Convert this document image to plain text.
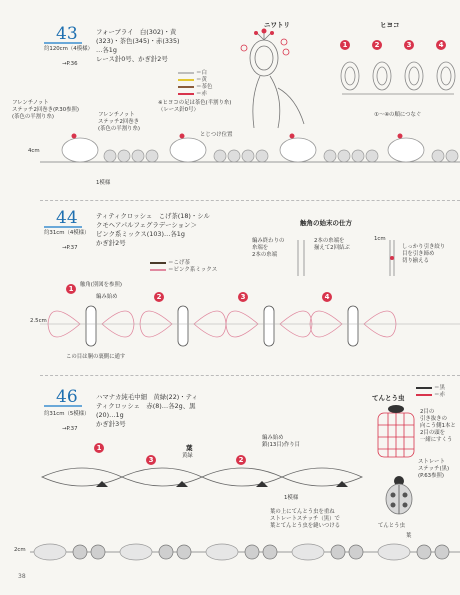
43	フォーブライ　白(302)・黄
(323)・茶色(345)・赤(335)
…各1g
レース針0号、かぎ針2号
約120cm（4模様）

→P.36

＝白
＝黄
＝茶色
＝赤
※ヒヨコの足は茶色(半割り糸)
（レース針0号）
ニワトリ	ヒヨコ
1	2	3	4
①～④の順につなぐ
フレンチノット
ステッチ2回巻き(P.30参照)
(茶色の半割り糸)	フレンチノット
ステッチ2回巻き
(茶色の半割り糸)
とじつけ位置
4cm
1模様
44	ティティクロッシェ　こげ茶(18)・シル
クモヘアパルフェグラデーション＞
ピンク系ミックス(103)…各1g
かぎ針2号
約31cm（4模様）

→P.37

＝こげ茶
＝ピンク系ミックス
触角の始末の仕方
編み終わりの
糸端を
2本の糸端
2本の糸端を
揃えて2回結ぶ
1cm
しっかり引き絞り
目を引き締め
切り揃える
触角(別図を参照)
編み始め
2.5cm
この目は胴の裏側に通す
1
2	3	4
46	ハマナカ純毛中細　黄緑(22)・ティ
ティクロッシェ　赤(8)…各2g、黒
(20)…1g
かぎ針3号
約31cm（5模様）

→P.37

てんとう虫
＝黒
＝赤
2目の
引き抜きの
向こう側1本と
2目の頭を
一緒にすくう
ストレート
ステッチ(黒)
(P.63参照)
葉
黄緑
編み始め
鎖(13目)作り目
1
3	2
1模様
葉の上にてんとう虫を重ね
ストレートステッチ（黒）で
葉とてんとう虫を縫いつける	てんとう虫
葉
2cm
38
